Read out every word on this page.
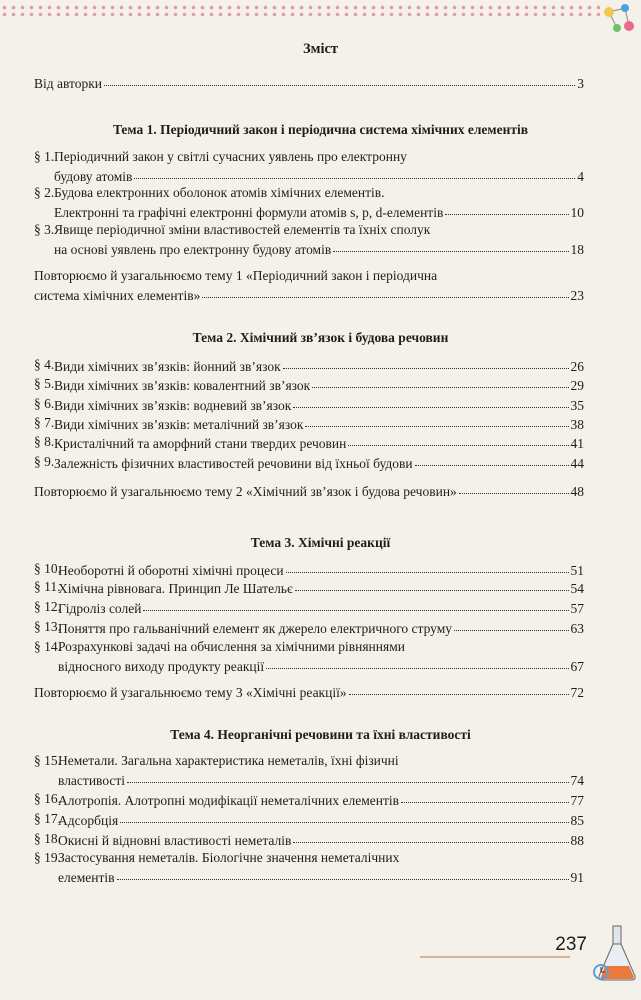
Зміст
Від авторки	3
Тема 1. Періодичний закон і періодична система хімічних елементів
§ 1. Періодичний закон у світлі сучасних уявлень про електронну
будову атомів	4
§ 2. Будова електронних оболонок атомів хімічних елементів.
Електронні та графічні електронні формули атомів s, p, d-елементів	10
§ 3. Явище періодичної зміни властивостей елементів та їхніх сполук
на основі уявлень про електронну будову атомів	18
Повторюємо й узагальнюємо тему 1 «Періодичний закон і періодична
система хімічних елементів»	23
Тема 2. Хімічний зв’язок і будова речовин
§ 4. Види хімічних зв’язків: йонний зв’язок	26
§ 5. Види хімічних зв’язків: ковалентний зв’язок	29
§ 6. Види хімічних зв’язків: водневий зв’язок	35
§ 7. Види хімічних зв’язків: металічний зв’язок	38
§ 8. Кристалічний та аморфний стани твердих речовин	41
§ 9. Залежність фізичних властивостей речовини від їхньої будови	44
Повторюємо й узагальнюємо тему 2 «Хімічний зв’язок і будова речовин»	48
Тема 3. Хімічні реакції
§ 10.
Необоротні й оборотні хімічні процеси	51
§ 11.
Хімічна рівновага. Принцип Ле Шательє	54
§ 12.
Гідроліз солей	57
§ 13.
Поняття про гальванічний елемент як джерело електричного струму	63
§ 14.
Розрахункові задачі на обчислення за хімічними рівняннями
відносного виходу продукту реакції	67
Повторюємо й узагальнюємо тему 3 «Хімічні реакції»	72
Тема 4. Неорганічні речовини та їхні властивості
§ 15.
Неметали. Загальна характеристика неметалів, їхні фізичні
властивості	74
§ 16.
Алотропія. Алотропні модифікації неметалічних елементів	77
§ 17.
Адсорбція	85
§ 18.
Окисні й відновні властивості неметалів	88
§ 19.
Застосування неметалів. Біологічне значення неметалічних
елементів	91
237
